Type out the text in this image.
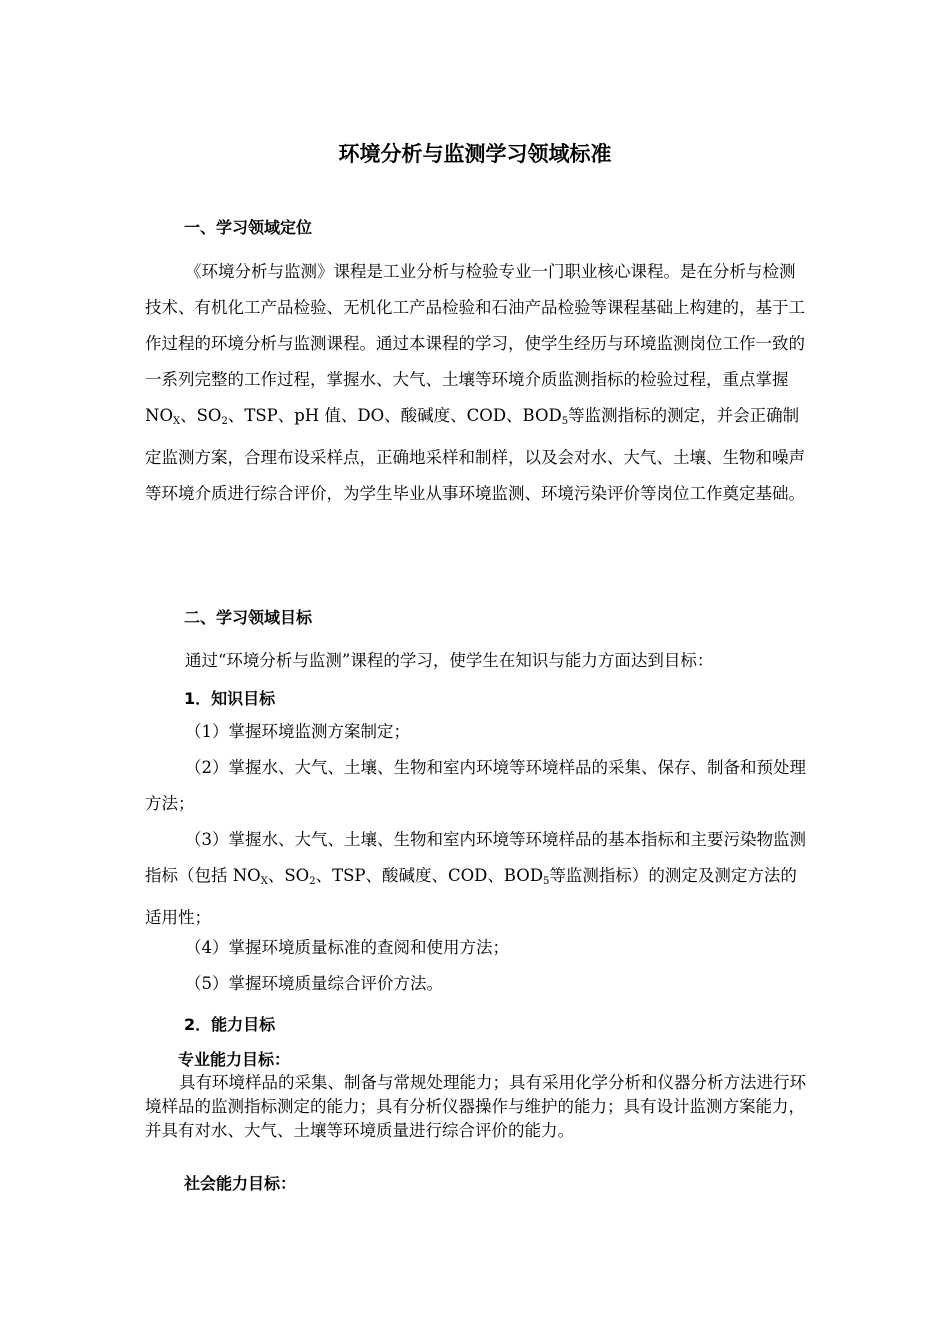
环境分析与监测学习领域标准
一、学习领域定位

《环境分析与监测》课程是工业分析与检验专业一门职业核心课程。是在分析与检测技术、有机化工产品检验、无机化工产品检验和石油产品检验等课程基础上构建的，基于工作过程的环境分析与监测课程。通过本课程的学习，使学生经历与环境监测岗位工作一致的一系列完整的工作过程，掌握水、大气、土壤等环境介质监测指标的检验过程，重点掌握 $NO_X$、$SO_2$、TSP、pH 值、DO、酸碱度、COD、$BOD_5$等监测指标的测定，并会正确制定监测方案，合理布设采样点，正确地采样和制样，以及会对水、大气、土壤、生物和噪声等环境介质进行综合评价，为学生毕业从事环境监测、环境污染评价等岗位工作奠定基础。

二、学习领域目标

通过“环境分析与监测”课程的学习，使学生在知识与能力方面达到目标：

1．知识目标

（1）掌握环境监测方案制定；

（2）掌握水、大气、土壤、生物和室内环境等环境样品的采集、保存、制备和预处理方法；

（3）掌握水、大气、土壤、生物和室内环境等环境样品的基本指标和主要污染物监测指标（包括 $NO_X$、$SO_2$、TSP、酸碱度、COD、$BOD_5$等监测指标）的测定及测定方法的适用性；

（4）掌握环境质量标准的查阅和使用方法；

（5）掌握环境质量综合评价方法。

2．能力目标
专业能力目标：

具有环境样品的采集、制备与常规处理能力；具有采用化学分析和仪器分析方法进行环境样品的监测指标测定的能力；具有分析仪器操作与维护的能力；具有设计监测方案能力，并具有对水、大气、土壤等环境质量进行综合评价的能力。

社会能力目标：
